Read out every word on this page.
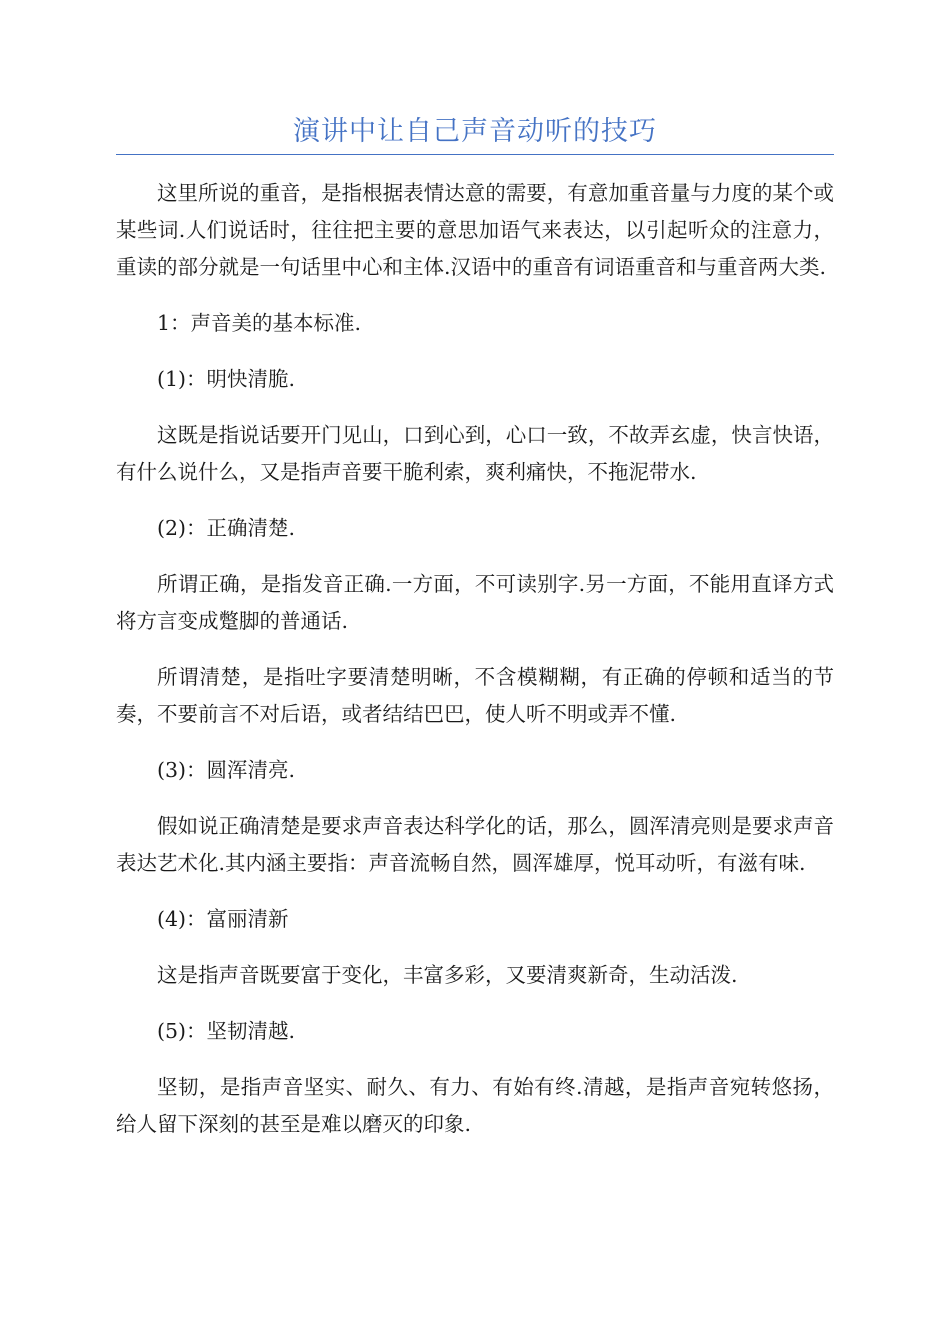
演讲中让自己声音动听的技巧

这里所说的重音，是指根据表情达意的需要，有意加重音量与力度的某个或某些词.人们说话时，往往把主要的意思加语气来表达，以引起听众的注意力，重读的部分就是一句话里中心和主体.汉语中的重音有词语重音和与重音两大类.

1：声音美的基本标准.

(1)：明快清脆.

这既是指说话要开门见山，口到心到，心口一致，不故弄玄虚，快言快语，有什么说什么，又是指声音要干脆利索，爽利痛快，不拖泥带水.

(2)：正确清楚.

所谓正确，是指发音正确.一方面，不可读别字.另一方面，不能用直译方式将方言变成蹩脚的普通话.

所谓清楚，是指吐字要清楚明晰，不含模糊糊，有正确的停顿和适当的节奏，不要前言不对后语，或者结结巴巴，使人听不明或弄不懂.

(3)：圆浑清亮.

假如说正确清楚是要求声音表达科学化的话，那么，圆浑清亮则是要求声音表达艺术化.其内涵主要指：声音流畅自然，圆浑雄厚，悦耳动听，有滋有味.

(4)：富丽清新

这是指声音既要富于变化，丰富多彩，又要清爽新奇，生动活泼.

(5)：坚韧清越.

坚韧，是指声音坚实、耐久、有力、有始有终.清越，是指声音宛转悠扬，给人留下深刻的甚至是难以磨灭的印象.
